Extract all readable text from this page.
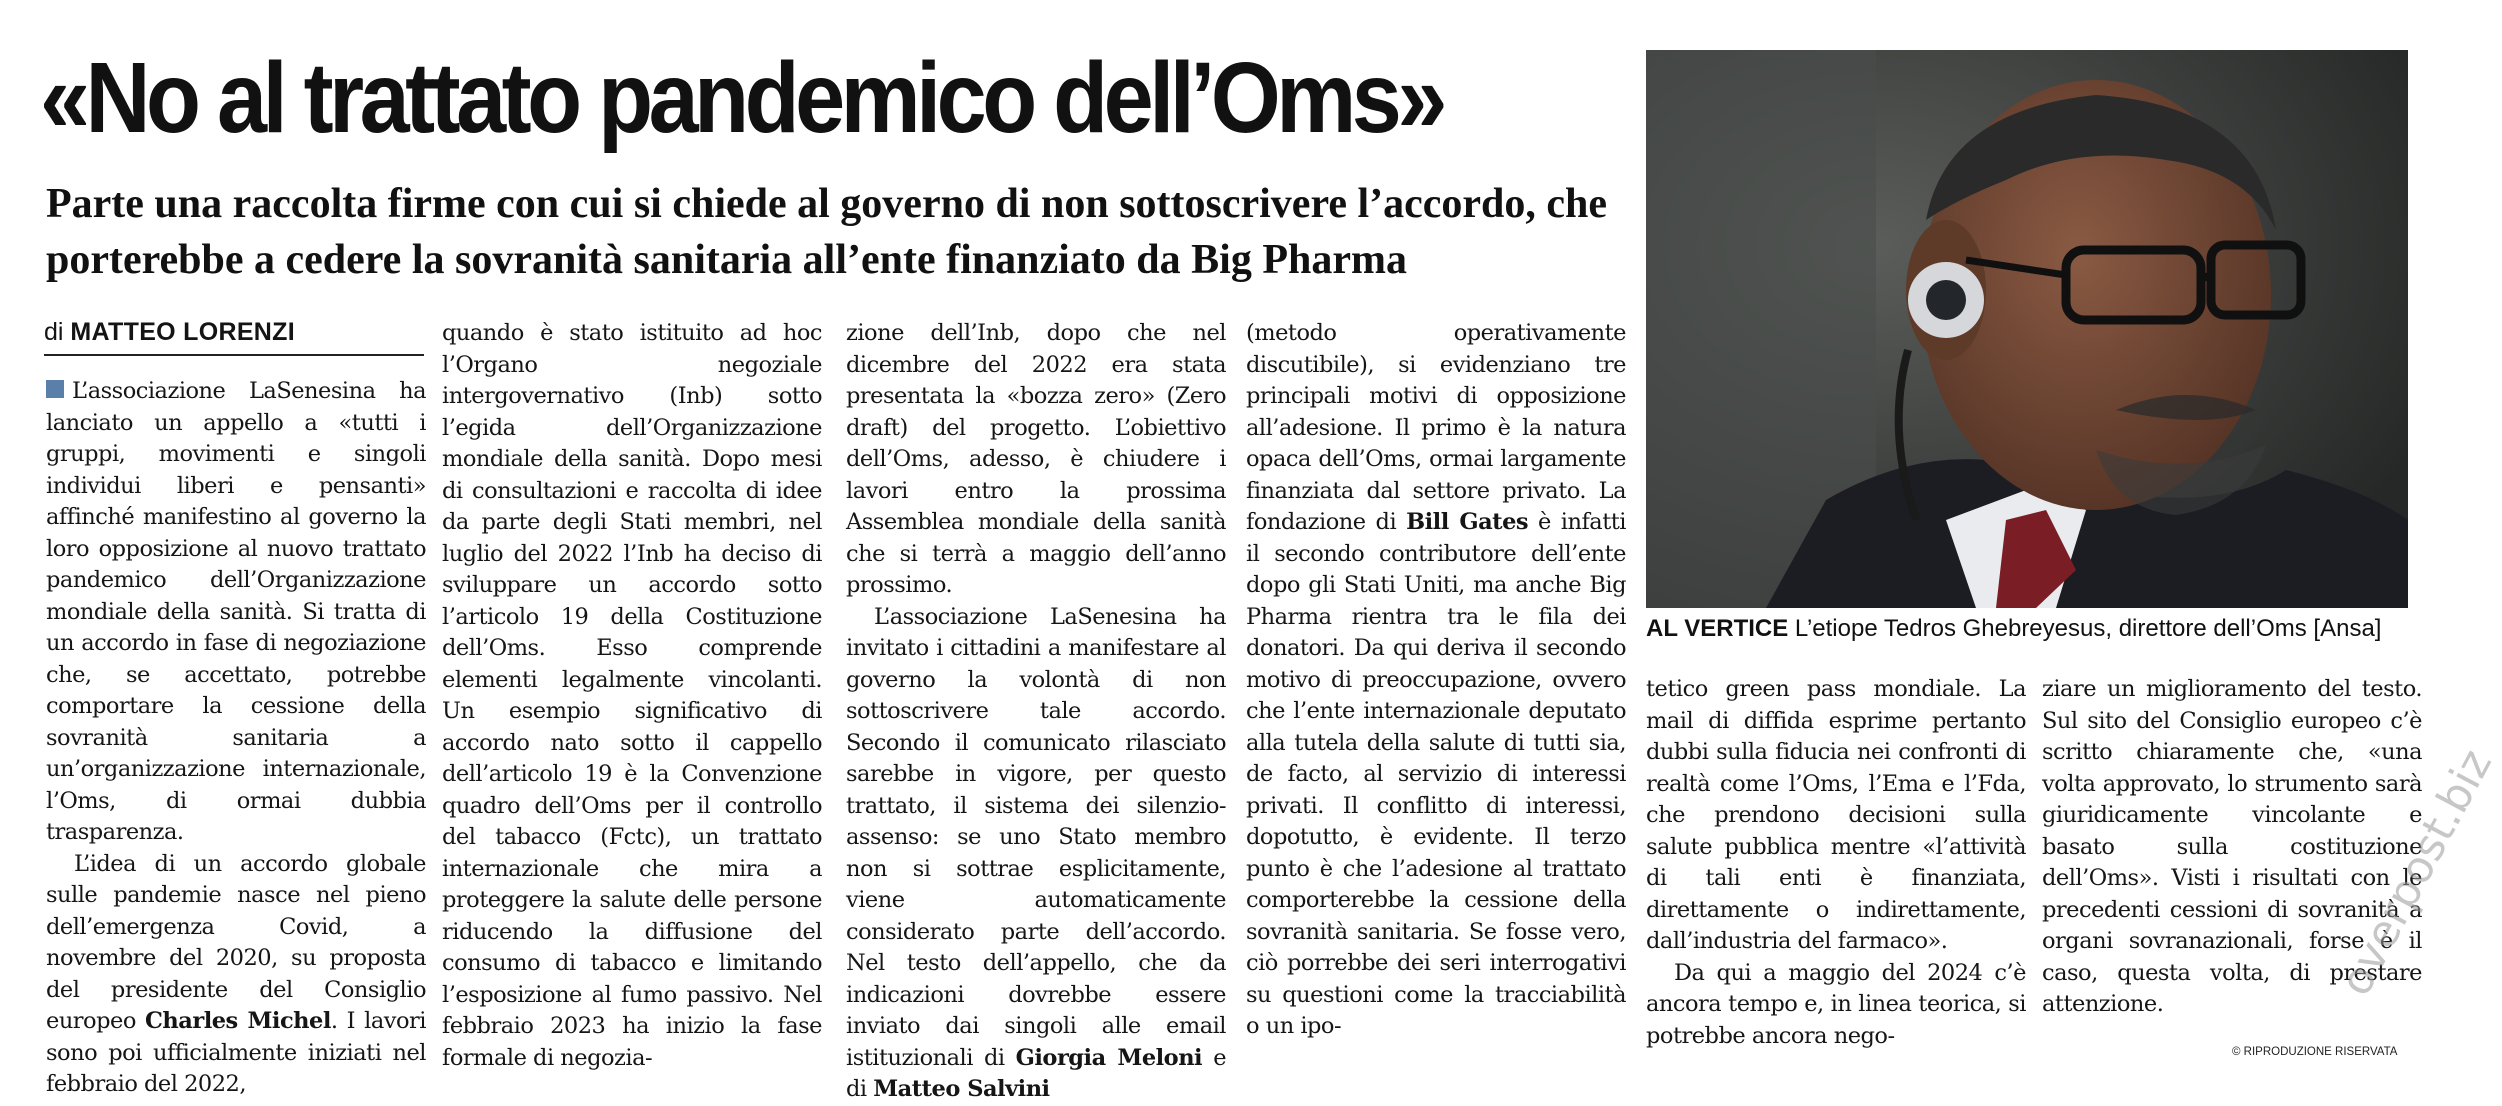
«No al trattato pandemico dell’Oms»
Parte una raccolta firme con cui si chiede al governo di non sottoscrivere l’accordo, che porterebbe a cedere la sovranità sanitaria all’ente finanziato da Big Pharma
di MATTEO LORENZI

L’associazione LaSenesina ha lanciato un appello a «tutti i gruppi, movimenti e singoli individui liberi e pensanti» affinché manifestino al governo la loro opposizione al nuovo trattato pandemico dell’Organizzazione mondiale della sanità. Si tratta di un accordo in fase di negoziazione che, se accettato, potrebbe comportare la cessione della sovranità sanitaria a un’organizzazione internazionale, l’Oms, di ormai dubbia trasparenza.

L’idea di un accordo globale sulle pandemie nasce nel pieno dell’emergenza Covid, a novembre del 2020, su proposta del presidente del Consiglio europeo Charles Michel. I lavori sono poi ufficialmente iniziati nel febbraio del 2022,

quando è stato istituito ad hoc l’Organo negoziale intergovernativo (Inb) sotto l’egida dell’Organizzazione mondiale della sanità. Dopo mesi di consultazioni e raccolta di idee da parte degli Stati membri, nel luglio del 2022 l’Inb ha deciso di sviluppare un accordo sotto l’articolo 19 della Costituzione dell’Oms. Esso comprende elementi legalmente vincolanti. Un esempio significativo di accordo nato sotto il cappello dell’articolo 19 è la Convenzione quadro dell’Oms per il controllo del tabacco (Fctc), un trattato internazionale che mira a proteggere la salute delle persone riducendo la diffusione del consumo di tabacco e limitando l’esposizione al fumo passivo. Nel febbraio 2023 ha inizio la fase formale di negozia-

zione dell’Inb, dopo che nel dicembre del 2022 era stata presentata la «bozza zero» (Zero draft) del progetto. L’obiettivo dell’Oms, adesso, è chiudere i lavori entro la prossima Assemblea mondiale della sanità che si terrà a maggio dell’anno prossimo.

L’associazione LaSenesina ha invitato i cittadini a manifestare al governo la volontà di non sottoscrivere tale accordo. Secondo il comunicato rilasciato sarebbe in vigore, per questo trattato, il sistema dei silenzio-assenso: se uno Stato membro non si sottrae esplicitamente, viene automaticamente considerato parte dell’accordo. Nel testo dell’appello, che da indicazioni dovrebbe essere inviato dai singoli alle email istituzionali di Giorgia Meloni e di Matteo Salvini

(metodo operativamente discutibile), si evidenziano tre principali motivi di opposizione all’adesione. Il primo è la natura opaca dell’Oms, ormai largamente finanziata dal settore privato. La fondazione di Bill Gates è infatti il secondo contributore dell’ente dopo gli Stati Uniti, ma anche Big Pharma rientra tra le fila dei donatori. Da qui deriva il secondo motivo di preoccupazione, ovvero che l’ente internazionale deputato alla tutela della salute di tutti sia, de facto, al servizio di interessi privati. Il conflitto di interessi, dopotutto, è evidente. Il terzo punto è che l’adesione al trattato comporterebbe la cessione della sovranità sanitaria. Se fosse vero, ciò porrebbe dei seri interrogativi su questioni come la tracciabilità o un ipo-

AL VERTICE L’etiope Tedros Ghebreyesus, direttore dell’Oms [Ansa]

tetico green pass mondiale. La mail di diffida esprime pertanto dubbi sulla fiducia nei confronti di realtà come l’Oms, l’Ema e l’Fda, che prendono decisioni sulla salute pubblica mentre «l’attività di tali enti è finanziata, direttamente o indirettamente, dall’industria del farmaco».

Da qui a maggio del 2024 c’è ancora tempo e, in linea teorica, si potrebbe ancora nego-

ziare un miglioramento del testo. Sul sito del Consiglio europeo c’è scritto chiaramente che, «una volta approvato, lo strumento sarà giuridicamente vincolante e basato sulla costituzione dell’Oms». Visti i risultati con le precedenti cessioni di sovranità a organi sovranazionali, forse è il caso, questa volta, di prestare attenzione.

© RIPRODUZIONE RISERVATA
overpost.biz
